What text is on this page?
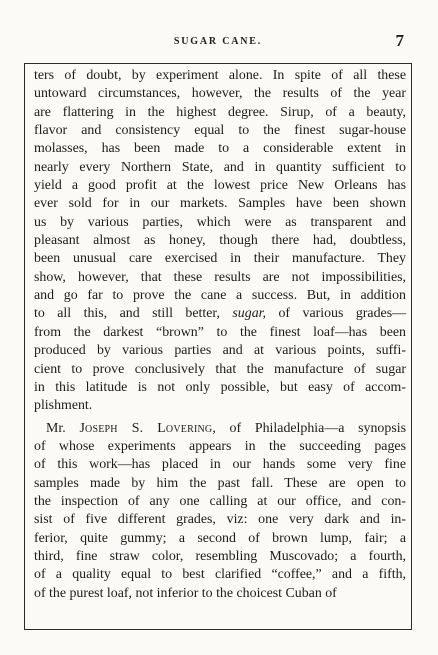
SUGAR CANE.	7
ters of doubt, by experiment alone. In spite of all these
untoward circumstances, however, the results of the year
are flattering in the highest degree. Sirup, of a beauty,
flavor and consistency equal to the finest sugar-house
molasses, has been made to a considerable extent in
nearly every Northern State, and in quantity sufficient to
yield a good profit at the lowest price New Orleans has
ever sold for in our markets. Samples have been shown
us by various parties, which were as transparent and
pleasant almost as honey, though there had, doubtless,
been unusual care exercised in their manufacture. They
show, however, that these results are not impossibilities,
and go far to prove the cane a success. But, in addition
to all this, and still better, sugar, of various grades—
from the darkest “brown” to the finest loaf—has been
produced by various parties and at various points, suffi-
cient to prove conclusively that the manufacture of sugar
in this latitude is not only possible, but easy of accom-
plishment.
Mr. Joseph S. Lovering, of Philadelphia—a synopsis
of whose experiments appears in the succeeding pages
of this work—has placed in our hands some very fine
samples made by him the past fall. These are open to
the inspection of any one calling at our office, and con-
sist of five different grades, viz: one very dark and in-
ferior, quite gummy; a second of brown lump, fair; a
third, fine straw color, resembling Muscovado; a fourth,
of a quality equal to best clarified “coffee,” and a fifth,
of the purest loaf, not inferior to the choicest Cuban of
